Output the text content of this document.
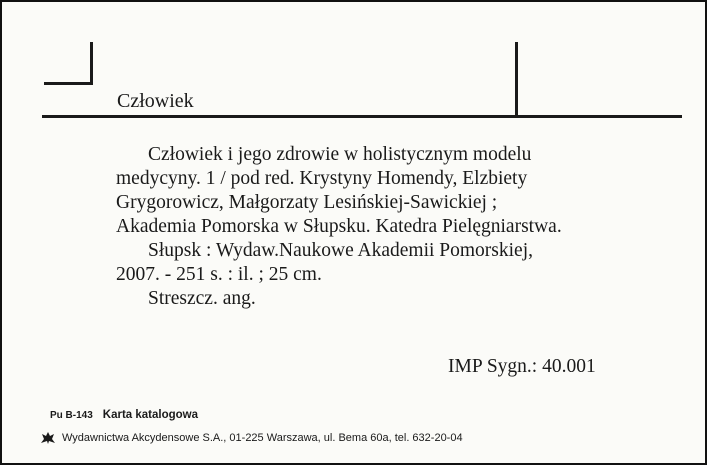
Człowiek

Człowiek i jego zdrowie w holistycznym modelu

medycyny. 1 / pod red. Krystyny Homendy, Elzbiety

Grygorowicz, Małgorzaty Lesińskiej-Sawickiej ;

Akademia Pomorska w Słupsku. Katedra Pielęgniarstwa.

Słupsk : Wydaw.Naukowe Akademii Pomorskiej,

2007. - 251 s. : il. ; 25 cm.

Streszcz. ang.

IMP Sygn.: 40.001
Pu B-143 Karta katalogowa
Wydawnictwa Akcydensowe S.A., 01-225 Warszawa, ul. Bema 60a, tel. 632-20-04
